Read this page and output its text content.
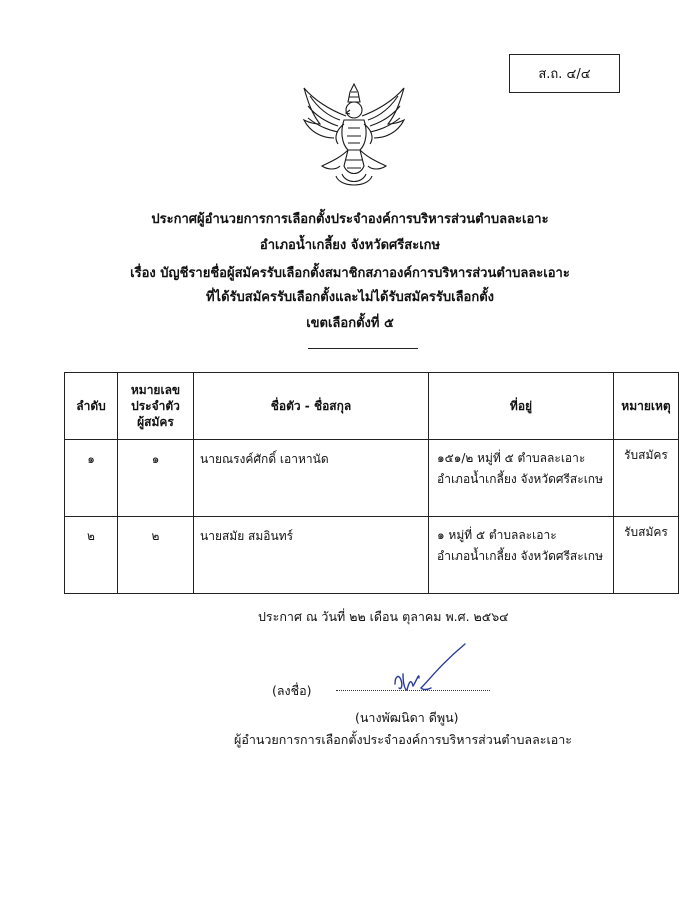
ส.ถ. ๔/๔
ประกาศผู้อำนวยการการเลือกตั้งประจำองค์การบริหารส่วนตำบลละเอาะ
อำเภอน้ำเกลี้ยง จังหวัดศรีสะเกษ
เรื่อง บัญชีรายชื่อผู้สมัครรับเลือกตั้งสมาชิกสภาองค์การบริหารส่วนตำบลละเอาะ
ที่ได้รับสมัครรับเลือกตั้งและไม่ได้รับสมัครรับเลือกตั้ง
เขตเลือกตั้งที่ ๕
ลำดับ	หมายเลข
ประจำตัว
ผู้สมัคร	ชื่อตัว - ชื่อสกุล	ที่อยู่	หมายเหตุ
๑	๑	นายณรงค์ศักดิ์ เอาหานัด	๑๕๑/๒ หมู่ที่ ๕ ตำบลละเอาะ
อำเภอน้ำเกลี้ยง จังหวัดศรีสะเกษ	รับสมัคร
๒	๒	นายสมัย สมอินทร์	๑ หมู่ที่ ๕ ตำบลละเอาะ
อำเภอน้ำเกลี้ยง จังหวัดศรีสะเกษ	รับสมัคร
ประกาศ ณ วันที่ ๒๒ เดือน ตุลาคม พ.ศ. ๒๕๖๔
(ลงชื่อ)
(นางพัฒนิดา ดีพูน)
ผู้อำนวยการการเลือกตั้งประจำองค์การบริหารส่วนตำบลละเอาะ
